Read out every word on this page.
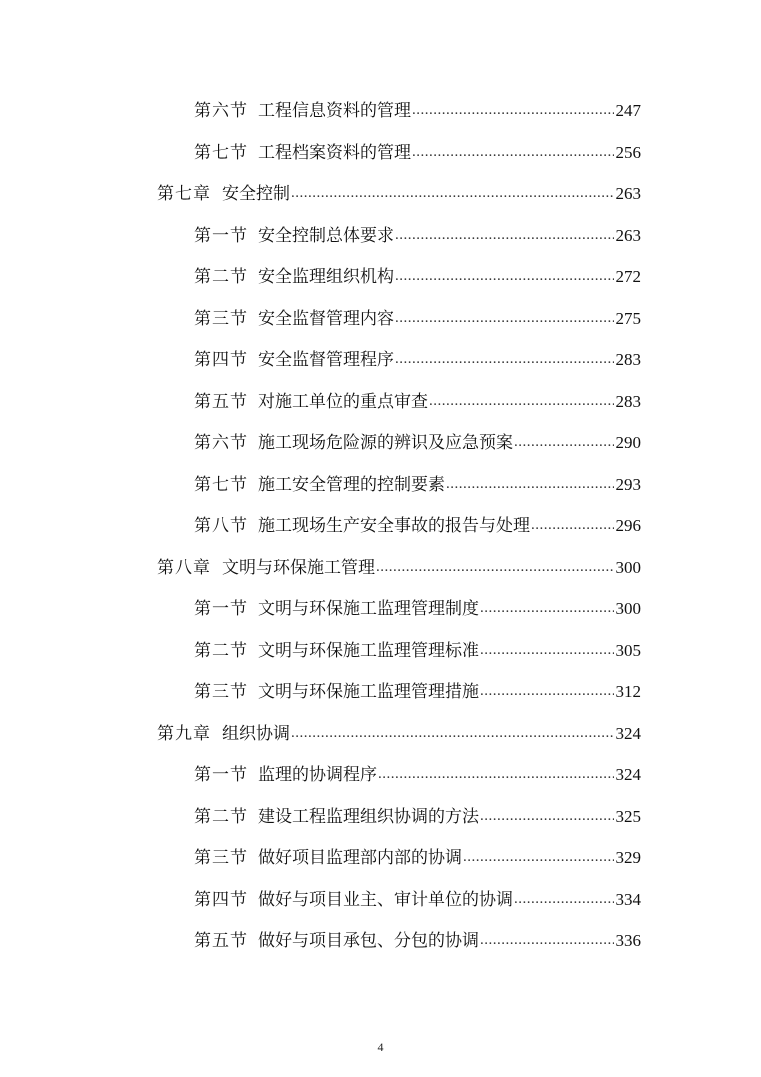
第六节 工程信息资料的管理 .....	247
第七节 工程档案资料的管理 .....	256
第七章 安全控制 .....	263
第一节 安全控制总体要求 .....	263
第二节 安全监理组织机构 .....	272
第三节 安全监督管理内容 .....	275
第四节 安全监督管理程序 .....	283
第五节 对施工单位的重点审查 .....	283
第六节 施工现场危险源的辨识及应急预案 .....	290
第七节 施工安全管理的控制要素 .....	293
第八节 施工现场生产安全事故的报告与处理 .....	296
第八章 文明与环保施工管理 .....	300
第一节 文明与环保施工监理管理制度 .....	300
第二节 文明与环保施工监理管理标准 .....	305
第三节 文明与环保施工监理管理措施 .....	312
第九章 组织协调 .....	324
第一节 监理的协调程序 .....	324
第二节 建设工程监理组织协调的方法 .....	325
第三节 做好项目监理部内部的协调 .....	329
第四节 做好与项目业主、审计单位的协调 .....	334
第五节 做好与项目承包、分包的协调 .....	336
4
